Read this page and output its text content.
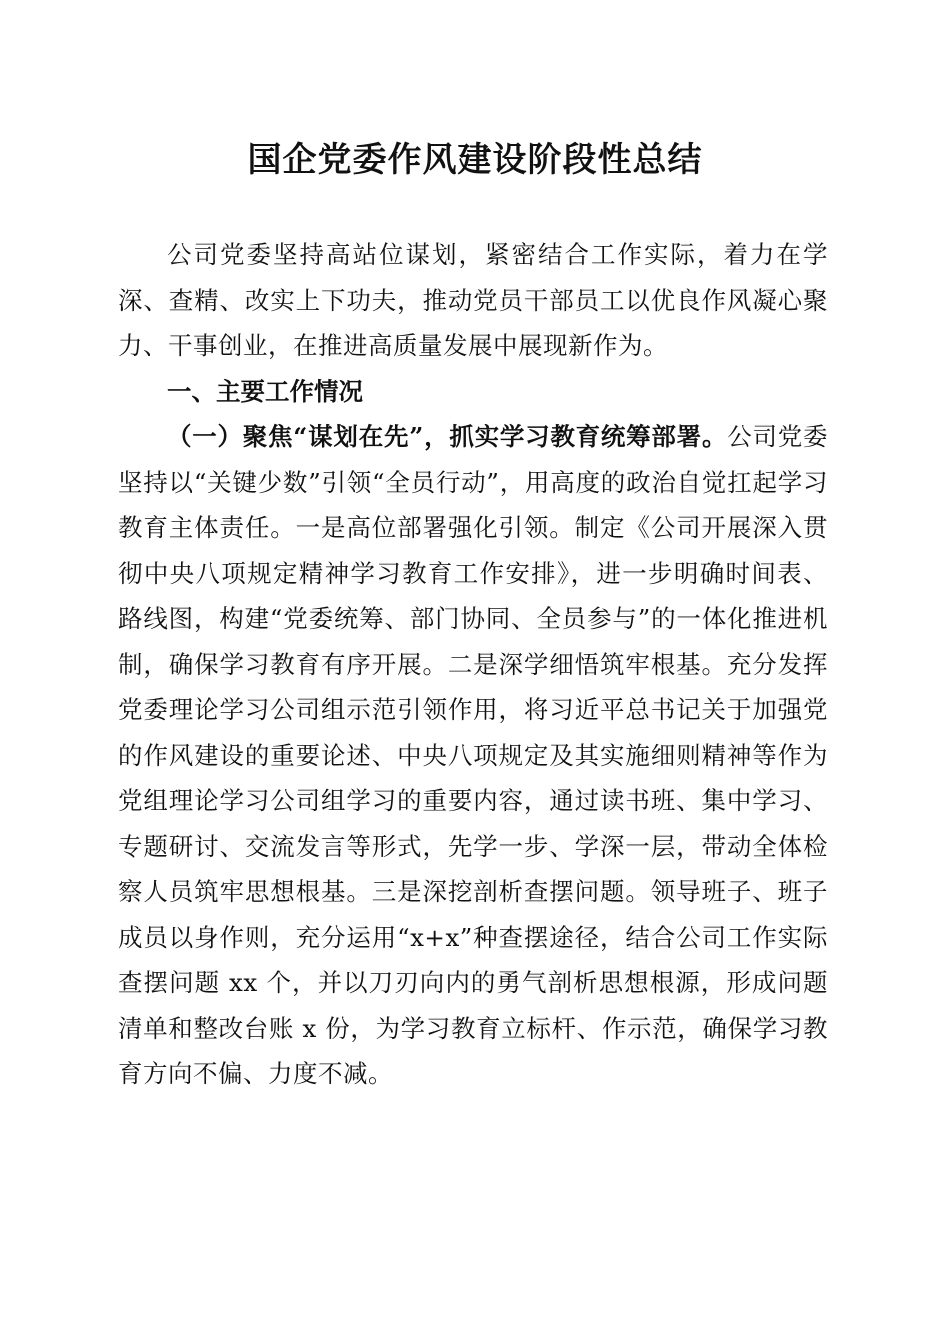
国企党委作风建设阶段性总结

公司党委坚持高站位谋划，紧密结合工作实际，着力在学深、查精、改实上下功夫，推动党员干部员工以优良作风凝心聚力、干事创业，在推进高质量发展中展现新作为。

一、主要工作情况

（一）聚焦“谋划在先”，抓实学习教育统筹部署。公司党委坚持以“关键少数”引领“全员行动”，用高度的政治自觉扛起学习教育主体责任。一是高位部署强化引领。制定《公司开展深入贯彻中央八项规定精神学习教育工作安排》，进一步明确时间表、路线图，构建“党委统筹、部门协同、全员参与”的一体化推进机制，确保学习教育有序开展。二是深学细悟筑牢根基。充分发挥党委理论学习公司组示范引领作用，将习近平总书记关于加强党的作风建设的重要论述、中央八项规定及其实施细则精神等作为党组理论学习公司组学习的重要内容，通过读书班、集中学习、专题研讨、交流发言等形式，先学一步、学深一层，带动全体检察人员筑牢思想根基。三是深挖剖析查摆问题。领导班子、班子成员以身作则，充分运用“x+x”种查摆途径，结合公司工作实际查摆问题 xx 个，并以刀刃向内的勇气剖析思想根源，形成问题清单和整改台账 x 份，为学习教育立标杆、作示范，确保学习教育方向不偏、力度不减。
